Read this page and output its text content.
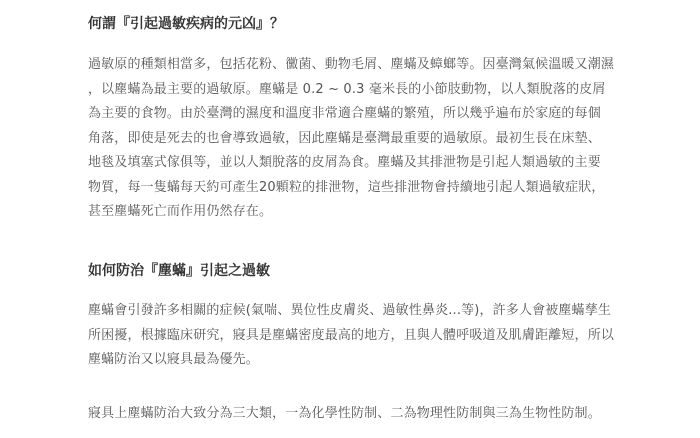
何謂『引起過敏疾病的元凶』？

過敏原的種類相當多，包括花粉、黴菌、動物毛屑、塵蟎及蟑螂等。因臺灣氣候溫暖又潮濕
，以塵蟎為最主要的過敏原。塵蟎是 0.2 ~ 0.3 毫米長的小節肢動物，以人類脫落的皮屑
為主要的食物。由於臺灣的濕度和溫度非常適合塵蟎的繁殖，所以幾乎遍布於家庭的每個
角落，即使是死去的也會導致過敏，因此塵蟎是臺灣最重要的過敏原。最初生長在床墊、
地毯及填塞式傢俱等，並以人類脫落的皮屑為食。塵蟎及其排泄物是引起人類過敏的主要
物質，每一隻蟎每天約可產生20顆粒的排泄物，這些排泄物會持續地引起人類過敏症狀，
甚至塵蟎死亡而作用仍然存在。

如何防治『塵蟎』引起之過敏

塵蟎會引發許多相關的症候(氣喘、異位性皮膚炎、過敏性鼻炎...等)，許多人會被塵蟎孳生
所困擾，根據臨床研究，寢具是塵蟎密度最高的地方，且與人體呼吸道及肌膚距離短，所以
塵蟎防治又以寢具最為優先。

寢具上塵蟎防治大致分為三大類，一為化學性防制、二為物理性防制與三為生物性防制。
